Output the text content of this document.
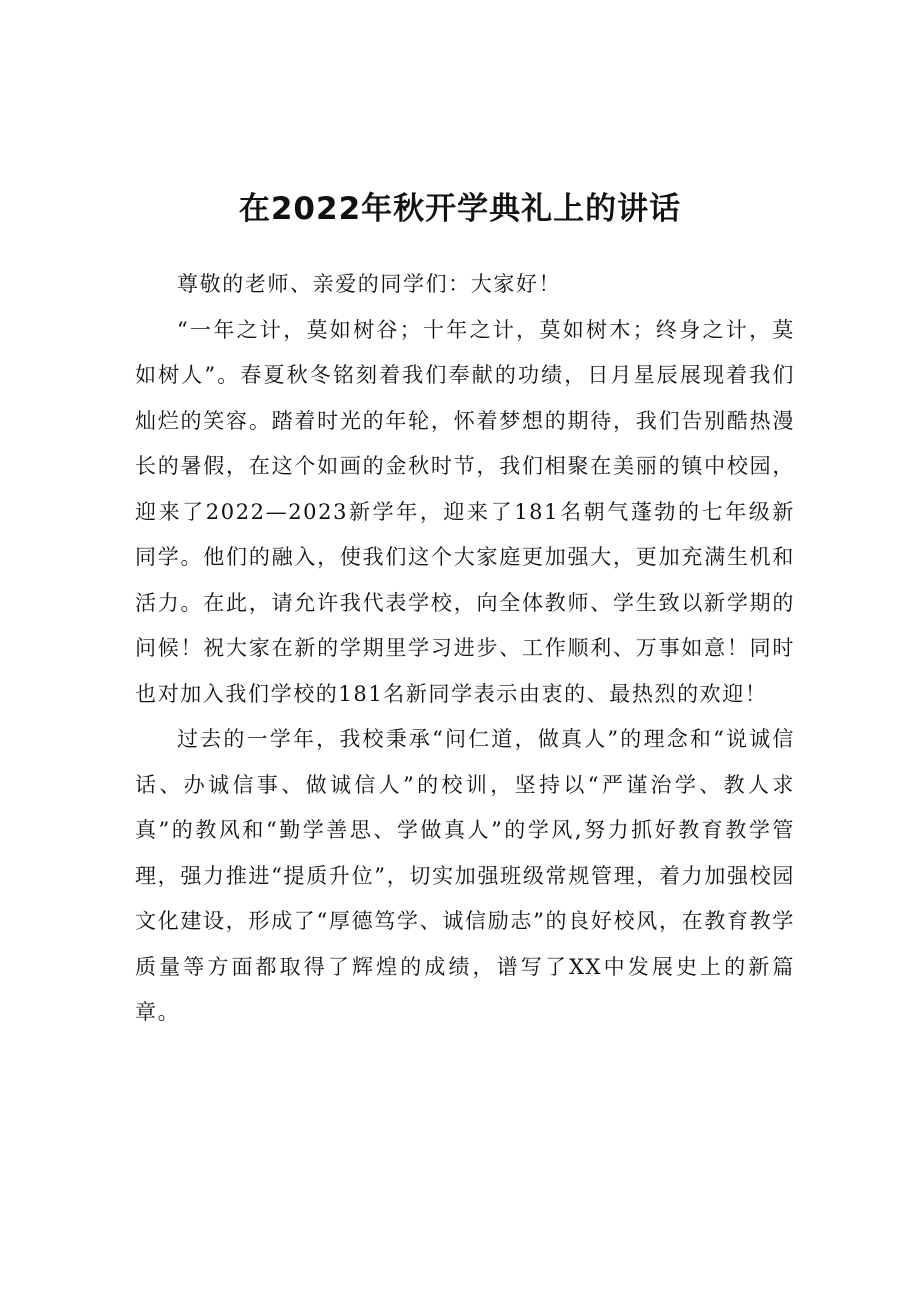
在2022年秋开学典礼上的讲话

尊敬的老师、亲爱的同学们：大家好！

“一年之计，莫如树谷；十年之计，莫如树木；终身之计，莫如树人”。春夏秋冬铭刻着我们奉献的功绩，日月星辰展现着我们灿烂的笑容。踏着时光的年轮，怀着梦想的期待，我们告别酷热漫长的暑假，在这个如画的金秋时节，我们相聚在美丽的镇中校园，迎来了2022—2023新学年，迎来了181名朝气蓬勃的七年级新同学。他们的融入，使我们这个大家庭更加强大，更加充满生机和活力。在此，请允许我代表学校，向全体教师、学生致以新学期的问候！祝大家在新的学期里学习进步、工作顺利、万事如意！同时也对加入我们学校的181名新同学表示由衷的、最热烈的欢迎！

过去的一学年，我校秉承“问仁道，做真人”的理念和“说诚信话、办诚信事、做诚信人”的校训，坚持以“严谨治学、教人求真”的教风和“勤学善思、学做真人”的学风,努力抓好教育教学管理，强力推进“提质升位”，切实加强班级常规管理，着力加强校园文化建设，形成了“厚德笃学、诚信励志”的良好校风，在教育教学质量等方面都取得了辉煌的成绩，谱写了XX中发展史上的新篇章。
